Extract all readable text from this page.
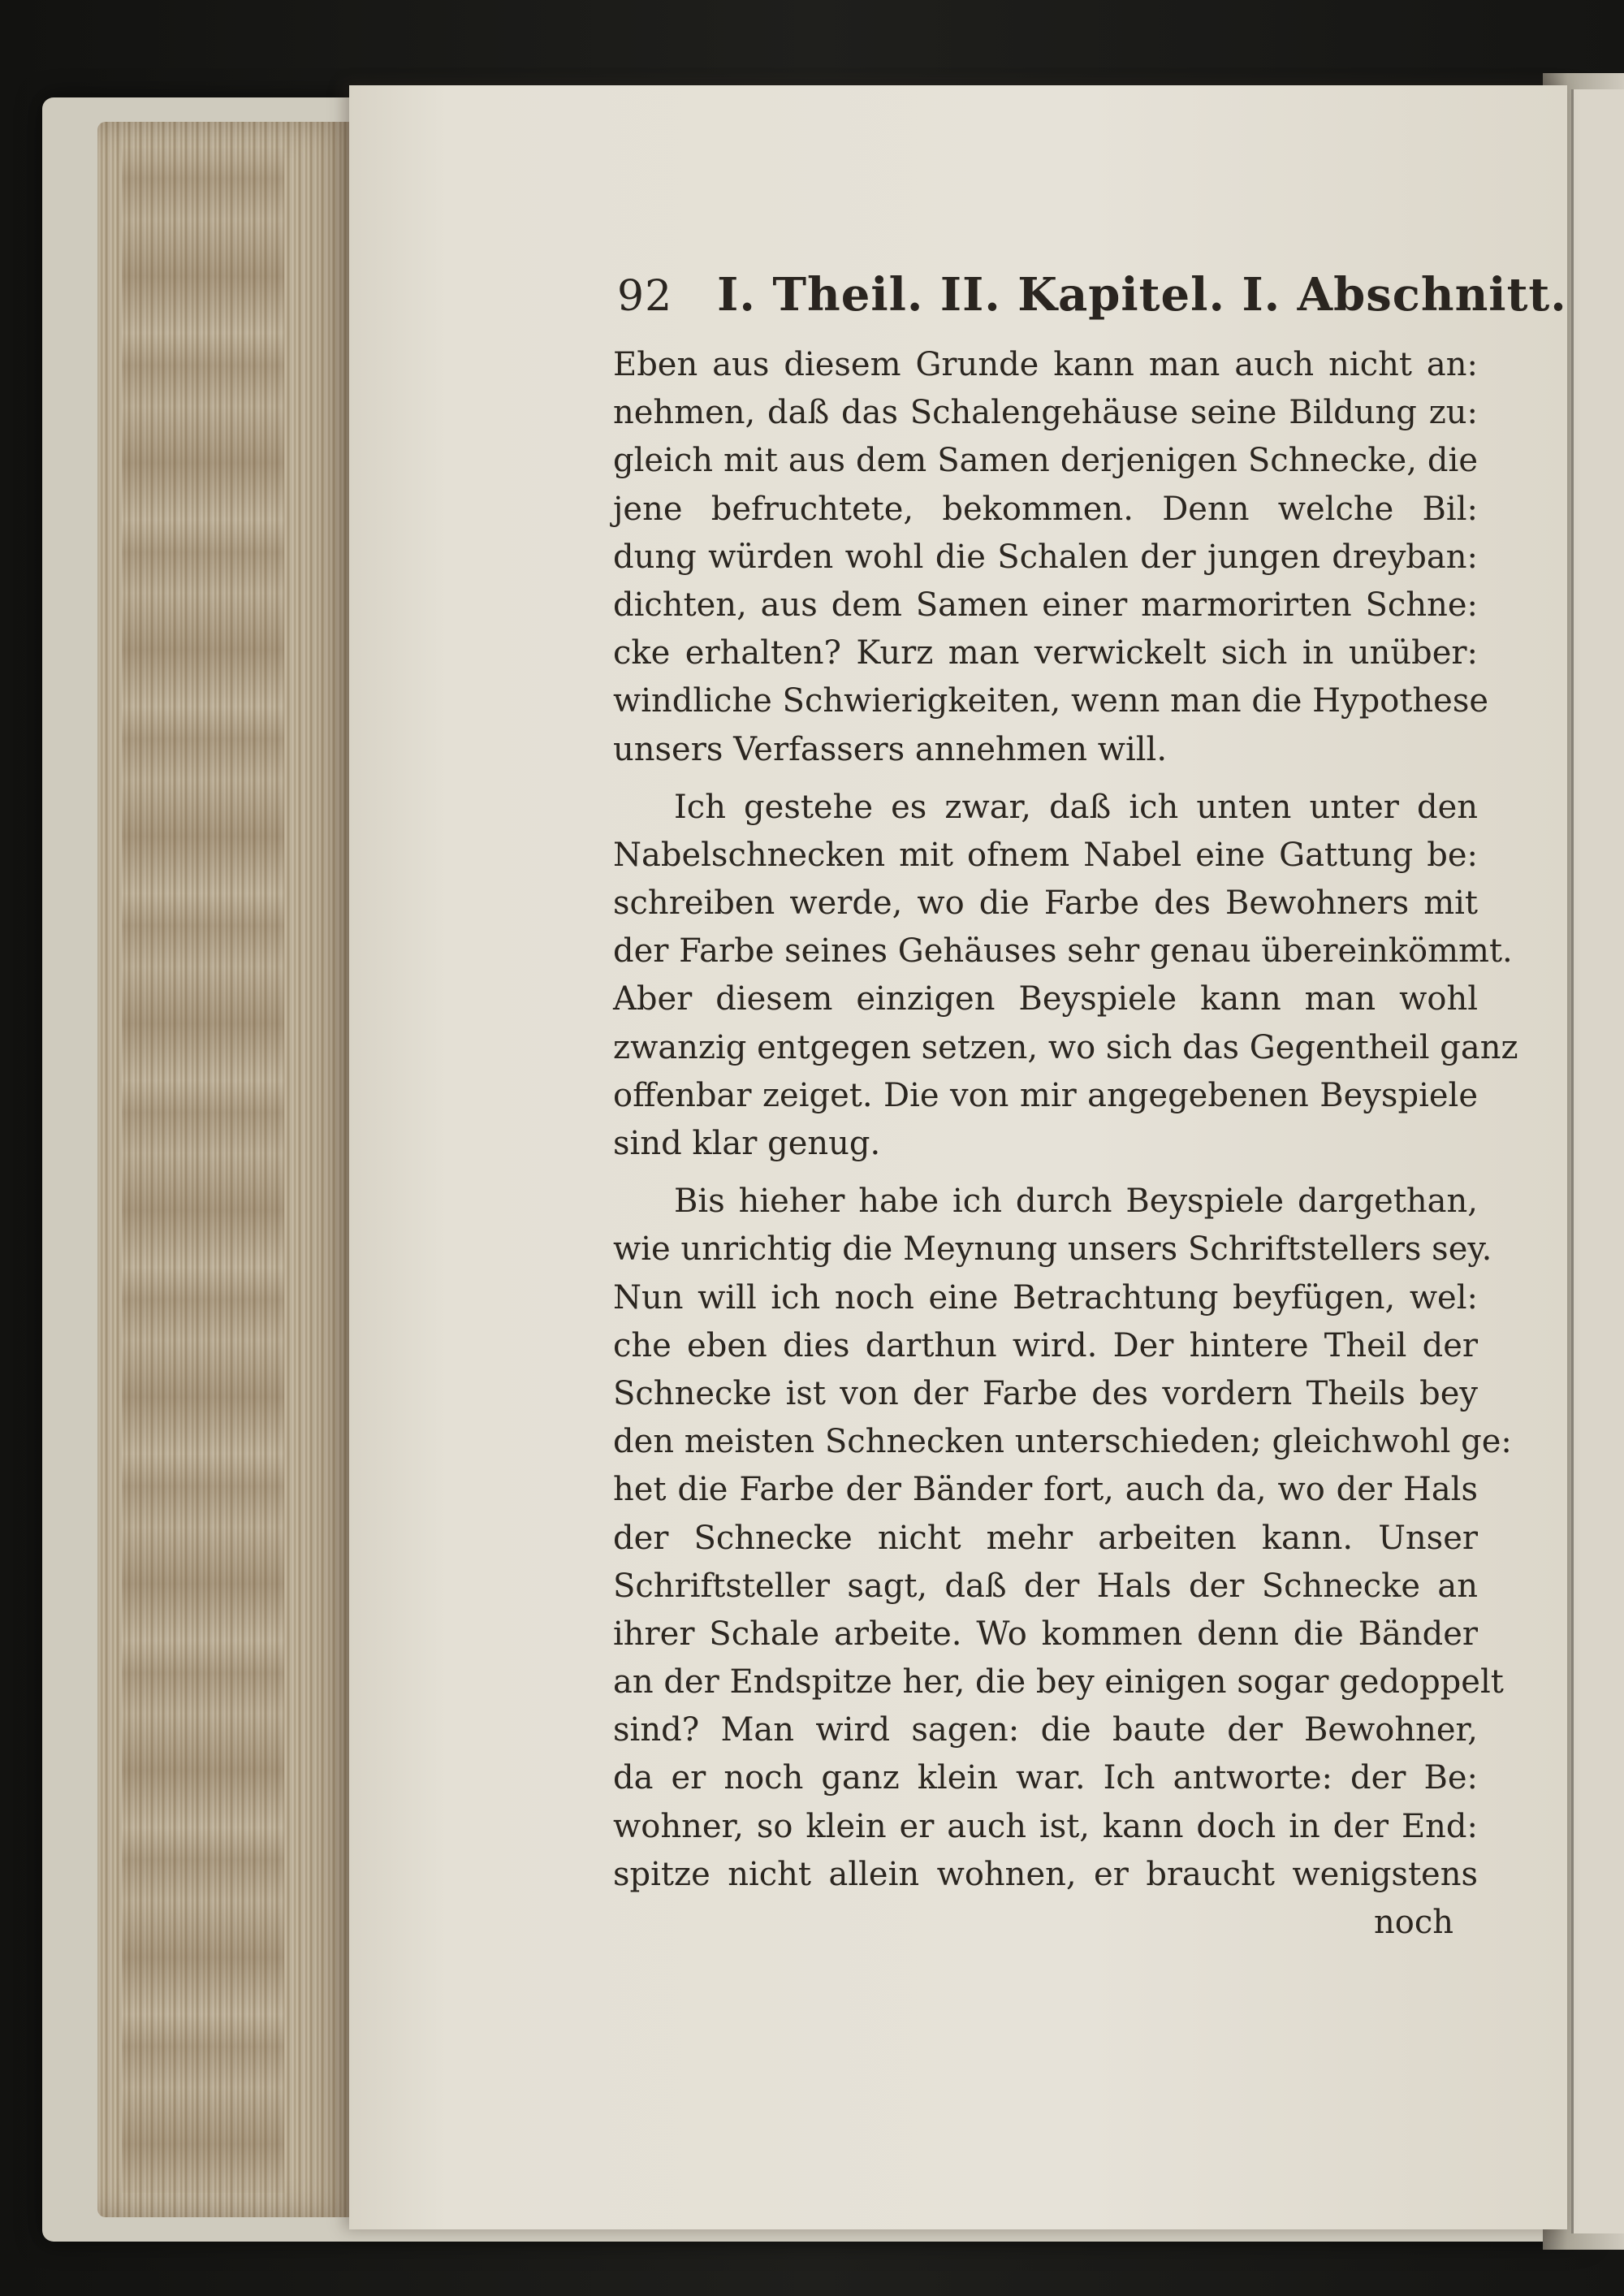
92 I. Theil. II. Kapitel. I. Abschnitt.
Eben aus diesem Grunde kann man auch nicht an:
nehmen, daß das Schalengehäuse seine Bildung zu:
gleich mit aus dem Samen derjenigen Schnecke, die
jene befruchtete, bekommen. Denn welche Bil:
dung würden wohl die Schalen der jungen dreyban:
dichten, aus dem Samen einer marmorirten Schne:
cke erhalten? Kurz man verwickelt sich in unüber:
windliche Schwierigkeiten, wenn man die Hypothese
unsers Verfassers annehmen will.
Ich gestehe es zwar, daß ich unten unter den
Nabelschnecken mit ofnem Nabel eine Gattung be:
schreiben werde, wo die Farbe des Bewohners mit
der Farbe seines Gehäuses sehr genau übereinkömmt.
Aber diesem einzigen Beyspiele kann man wohl
zwanzig entgegen setzen, wo sich das Gegentheil ganz
offenbar zeiget. Die von mir angegebenen Beyspiele
sind klar genug.
Bis hieher habe ich durch Beyspiele dargethan,
wie unrichtig die Meynung unsers Schriftstellers sey.
Nun will ich noch eine Betrachtung beyfügen, wel:
che eben dies darthun wird. Der hintere Theil der
Schnecke ist von der Farbe des vordern Theils bey
den meisten Schnecken unterschieden; gleichwohl ge:
het die Farbe der Bänder fort, auch da, wo der Hals
der Schnecke nicht mehr arbeiten kann. Unser
Schriftsteller sagt, daß der Hals der Schnecke an
ihrer Schale arbeite. Wo kommen denn die Bänder
an der Endspitze her, die bey einigen sogar gedoppelt
sind? Man wird sagen: die baute der Bewohner,
da er noch ganz klein war. Ich antworte: der Be:
wohner, so klein er auch ist, kann doch in der End:
spitze nicht allein wohnen, er braucht wenigstens
noch
